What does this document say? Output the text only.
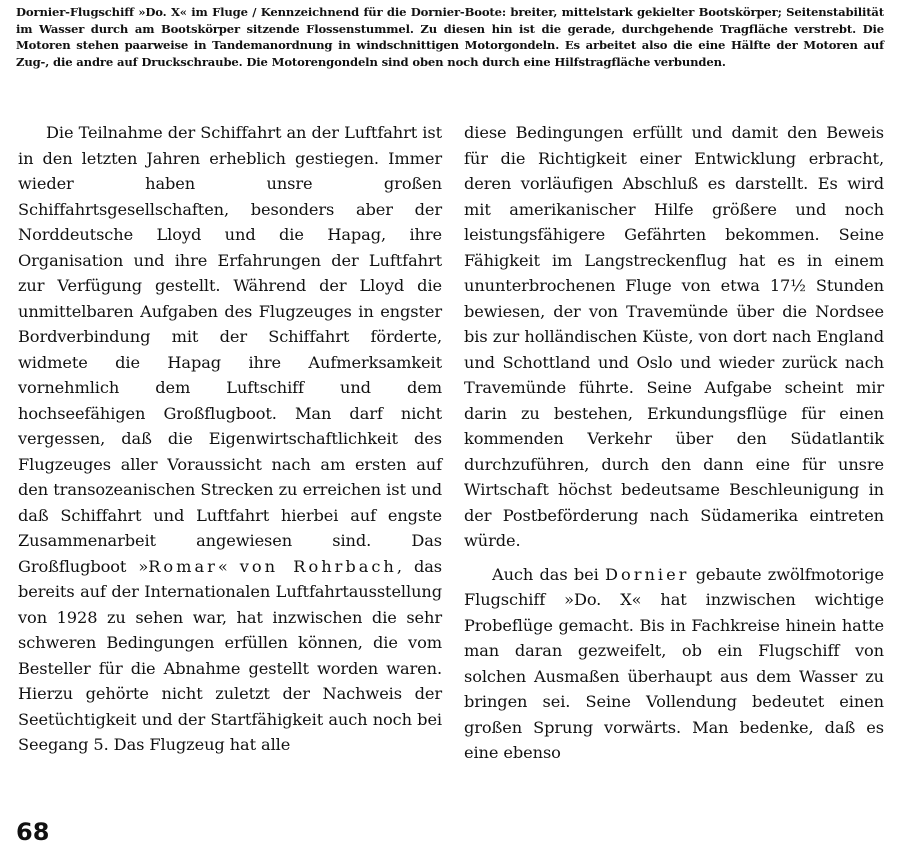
Dornier-Flugschiff »Do. X« im Fluge / Kennzeichnend für die Dornier-Boote: breiter, mittelstark gekielter Bootskörper; Seitenstabilität im Wasser durch am Bootskörper sitzende Flossenstummel. Zu diesen hin ist die gerade, durchgehende Tragfläche verstrebt. Die Motoren stehen paarweise in Tandemanordnung in windschnittigen Motorgondeln. Es arbeitet also die eine Hälfte der Motoren auf Zug-, die andre auf Druckschraube. Die Motorengondeln sind oben noch durch eine Hilfstragfläche verbunden.

Die Teilnahme der Schiffahrt an der Luftfahrt ist in den letzten Jahren erheblich gestiegen. Immer wieder haben unsre großen Schiffahrtsgesellschaften, besonders aber der Norddeutsche Lloyd und die Hapag, ihre Organisation und ihre Erfahrungen der Luftfahrt zur Verfügung gestellt. Während der Lloyd die unmittelbaren Aufgaben des Flugzeuges in engster Bordverbindung mit der Schiffahrt förderte, widmete die Hapag ihre Aufmerksamkeit vornehmlich dem Luftschiff und dem hochseefähigen Großflugboot. Man darf nicht vergessen, daß die Eigenwirtschaftlichkeit des Flugzeuges aller Voraussicht nach am ersten auf den transozeanischen Strecken zu erreichen ist und daß Schiffahrt und Luftfahrt hierbei auf engste Zusammenarbeit angewiesen sind. Das Großflugboot »Romar« von Rohrbach, das bereits auf der Internationalen Luftfahrtausstellung von 1928 zu sehen war, hat inzwischen die sehr schweren Bedingungen erfüllen können, die vom Besteller für die Abnahme gestellt worden waren. Hierzu gehörte nicht zuletzt der Nachweis der Seetüchtigkeit und der Startfähigkeit auch noch bei Seegang 5. Das Flugzeug hat alle

diese Bedingungen erfüllt und damit den Beweis für die Richtigkeit einer Entwicklung erbracht, deren vorläufigen Abschluß es darstellt. Es wird mit amerikanischer Hilfe größere und noch leistungsfähigere Gefährten bekommen. Seine Fähigkeit im Langstreckenflug hat es in einem ununterbrochenen Fluge von etwa 17½ Stunden bewiesen, der von Travemünde über die Nordsee bis zur holländischen Küste, von dort nach England und Schottland und Oslo und wieder zurück nach Travemünde führte. Seine Aufgabe scheint mir darin zu bestehen, Erkundungsflüge für einen kommenden Verkehr über den Südatlantik durchzuführen, durch den dann eine für unsre Wirtschaft höchst bedeutsame Beschleunigung in der Postbeförderung nach Südamerika eintreten würde.

Auch das bei Dornier gebaute zwölfmotorige Flugschiff »Do. X« hat inzwischen wichtige Probeflüge gemacht. Bis in Fachkreise hinein hatte man daran gezweifelt, ob ein Flugschiff von solchen Ausmaßen überhaupt aus dem Wasser zu bringen sei. Seine Vollendung bedeutet einen großen Sprung vorwärts. Man bedenke, daß es eine ebenso

68
